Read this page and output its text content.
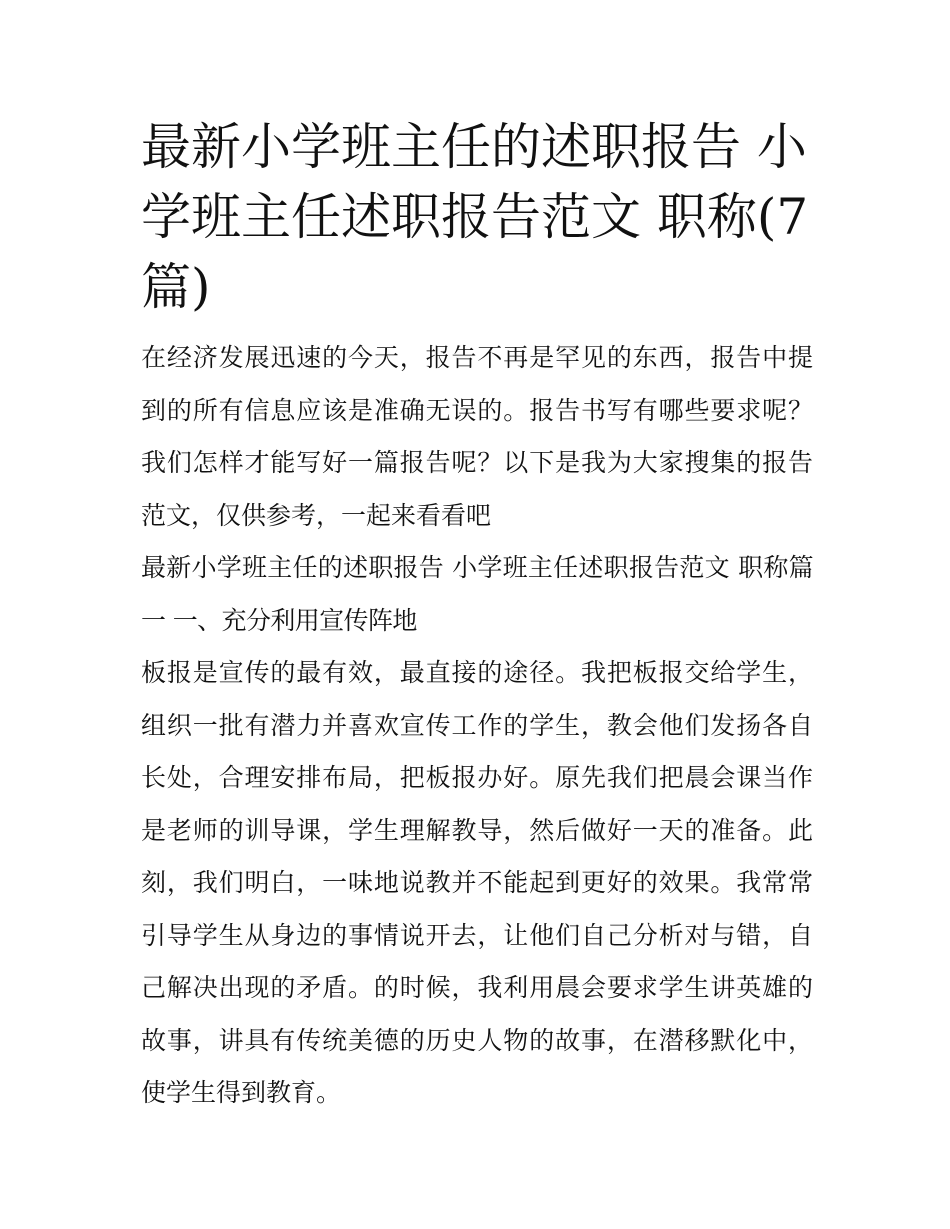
最新小学班主任的述职报告 小学班主任述职报告范文 职称(7篇)

在经济发展迅速的今天，报告不再是罕见的东西，报告中提到的所有信息应该是准确无误的。报告书写有哪些要求呢？我们怎样才能写好一篇报告呢？以下是我为大家搜集的报告范文，仅供参考，一起来看看吧

最新小学班主任的述职报告 小学班主任述职报告范文 职称篇一 一、充分利用宣传阵地

板报是宣传的最有效，最直接的途径。我把板报交给学生，组织一批有潜力并喜欢宣传工作的学生，教会他们发扬各自长处，合理安排布局，把板报办好。原先我们把晨会课当作是老师的训导课，学生理解教导，然后做好一天的准备。此刻，我们明白，一味地说教并不能起到更好的效果。我常常引导学生从身边的事情说开去，让他们自己分析对与错，自己解决出现的矛盾。的时候，我利用晨会要求学生讲英雄的故事，讲具有传统美德的历史人物的故事，在潜移默化中，使学生得到教育。
